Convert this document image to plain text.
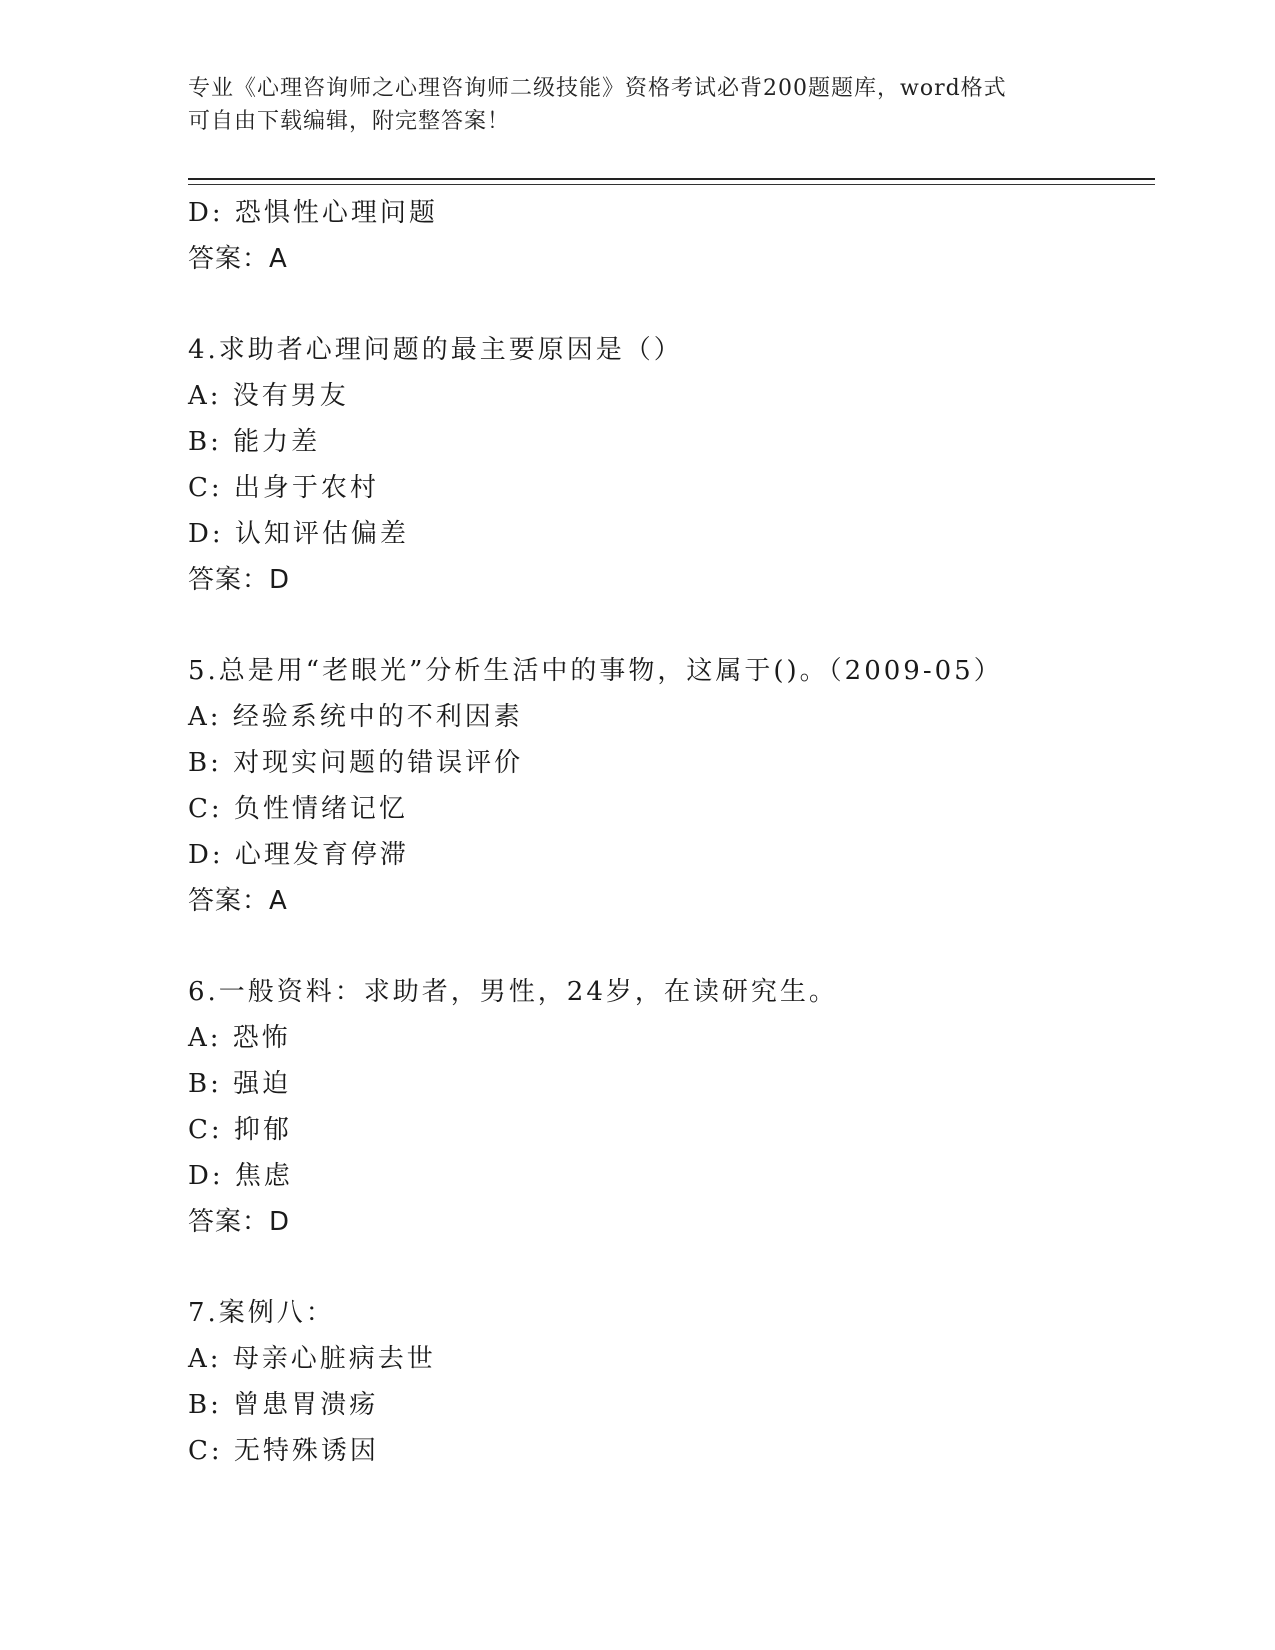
专业《心理咨询师之心理咨询师二级技能》资格考试必背200题题库，word格式
可自由下载编辑，附完整答案！
D: 恐惧性心理问题
答案：A
4.求助者心理问题的最主要原因是（）
A: 没有男友
B: 能力差
C: 出身于农村
D: 认知评估偏差
答案：D
5.总是用“老眼光”分析生活中的事物，这属于()。（2009-05）
A: 经验系统中的不利因素
B: 对现实问题的错误评价
C: 负性情绪记忆
D: 心理发育停滞
答案：A
6.一般资料：求助者，男性，24岁，在读研究生。
A: 恐怖
B: 强迫
C: 抑郁
D: 焦虑
答案：D
7.案例八：
A: 母亲心脏病去世
B: 曾患胃溃疡
C: 无特殊诱因
